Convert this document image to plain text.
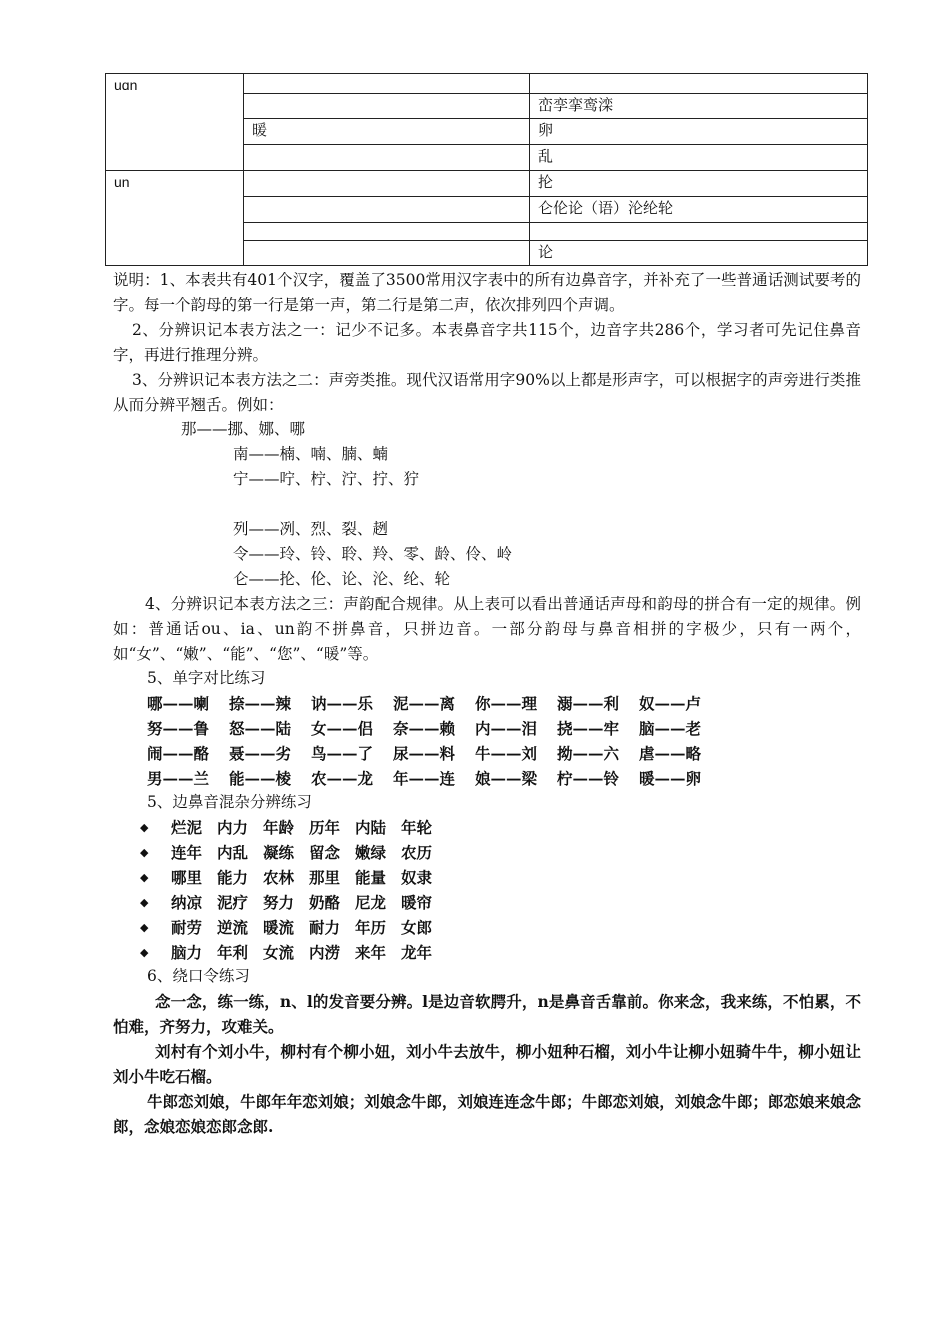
uɑn		
		峦孪挛鸾滦
	暖	卵
		乱
un		抡
		仑伦论（语）沦纶轮

		论
说明：1、本表共有401个汉字，覆盖了3500常用汉字表中的所有边鼻音字，并补充了一些普通话测试要考的字。每一个韵母的第一行是第一声，第二行是第二声，依次排列四个声调。
2、分辨识记本表方法之一：记少不记多。本表鼻音字共115个，边音字共286个，学习者可先记住鼻音字，再进行推理分辨。
3、分辨识记本表方法之二：声旁类推。现代汉语常用字90%以上都是形声字，可以根据字的声旁进行类推从而分辨平翘舌。例如：
那——挪、娜、哪
南——楠、喃、腩、蝻
宁——咛、柠、泞、拧、狞
列——冽、烈、裂、趔
令——玲、铃、聆、羚、零、龄、伶、岭
仑——抡、伦、论、沦、纶、轮
4、分辨识记本表方法之三：声韵配合规律。从上表可以看出普通话声母和韵母的拼合有一定的规律。例如：普通话ou、ia、un韵不拼鼻音，只拼边音。一部分韵母与鼻音相拼的字极少，只有一两个，如“女”、“嫩”、“能”、“您”、“暖”等。
5、单字对比练习
哪——喇	捺——辣	讷——乐	泥——离	你——理	溺——利	奴——卢
努——鲁	怒——陆	女——侣	奈——赖	内——泪	挠——牢	脑——老
闹——酪	聂——劣	鸟——了	尿——料	牛——刘	拗——六	虐——略
男——兰	能——棱	农——龙	年——连	娘——梁	柠——铃	暖——卵
5、边鼻音混杂分辨练习
◆	烂泥 内力 年龄 历年 内陆 年轮
◆	连年 内乱 凝练 留念 嫩绿 农历
◆	哪里 能力 农林 那里 能量 奴隶
◆	纳凉 泥疗 努力 奶酪 尼龙 暖帘
◆	耐劳 逆流 暖流 耐力 年历 女郎
◆	脑力 年利 女流 内涝 来年 龙年
6、绕口令练习
念一念，练一练，n、l的发音要分辨。l是边音软腭升，n是鼻音舌靠前。你来念，我来练，不怕累，不怕难，齐努力，攻难关。
刘村有个刘小牛，柳村有个柳小妞，刘小牛去放牛，柳小妞种石榴，刘小牛让柳小妞骑牛牛，柳小妞让刘小牛吃石榴。
牛郎恋刘娘，牛郎年年恋刘娘；刘娘念牛郎，刘娘连连念牛郎；牛郎恋刘娘，刘娘念牛郎；郎恋娘来娘念郎，念娘恋娘恋郎念郎.
